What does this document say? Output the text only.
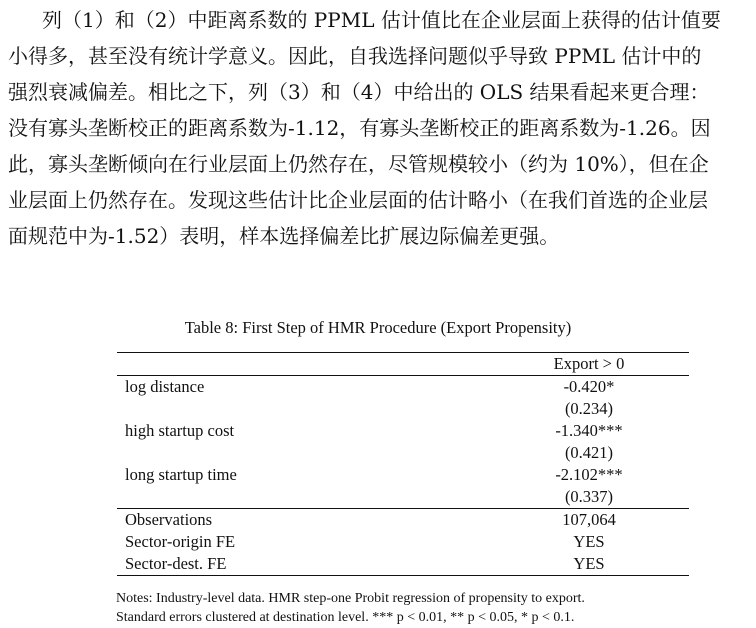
列（1）和（2）中距离系数的 PPML 估计值比在企业层面上获得的估计值要
小得多，甚至没有统计学意义。因此，自我选择问题似乎导致 PPML 估计中的
强烈衰减偏差。相比之下，列（3）和（4）中给出的 OLS 结果看起来更合理：
没有寡头垄断校正的距离系数为-1.12，有寡头垄断校正的距离系数为-1.26。因
此，寡头垄断倾向在行业层面上仍然存在，尽管规模较小（约为 10%），但在企
业层面上仍然存在。发现这些估计比企业层面的估计略小（在我们首选的企业层
面规范中为-1.52）表明，样本选择偏差比扩展边际偏差更强。
Table 8: First Step of HMR Procedure (Export Propensity)
	Export > 0
log distance	-0.420*
	(0.234)
high startup cost	-1.340***
	(0.421)
long startup time	-2.102***
	(0.337)
Observations	107,064
Sector-origin FE	YES
Sector-dest. FE	YES
Notes: Industry-level data. HMR step-one Probit regression of propensity to export.
Standard errors clustered at destination level. *** p < 0.01, ** p < 0.05, * p < 0.1.
